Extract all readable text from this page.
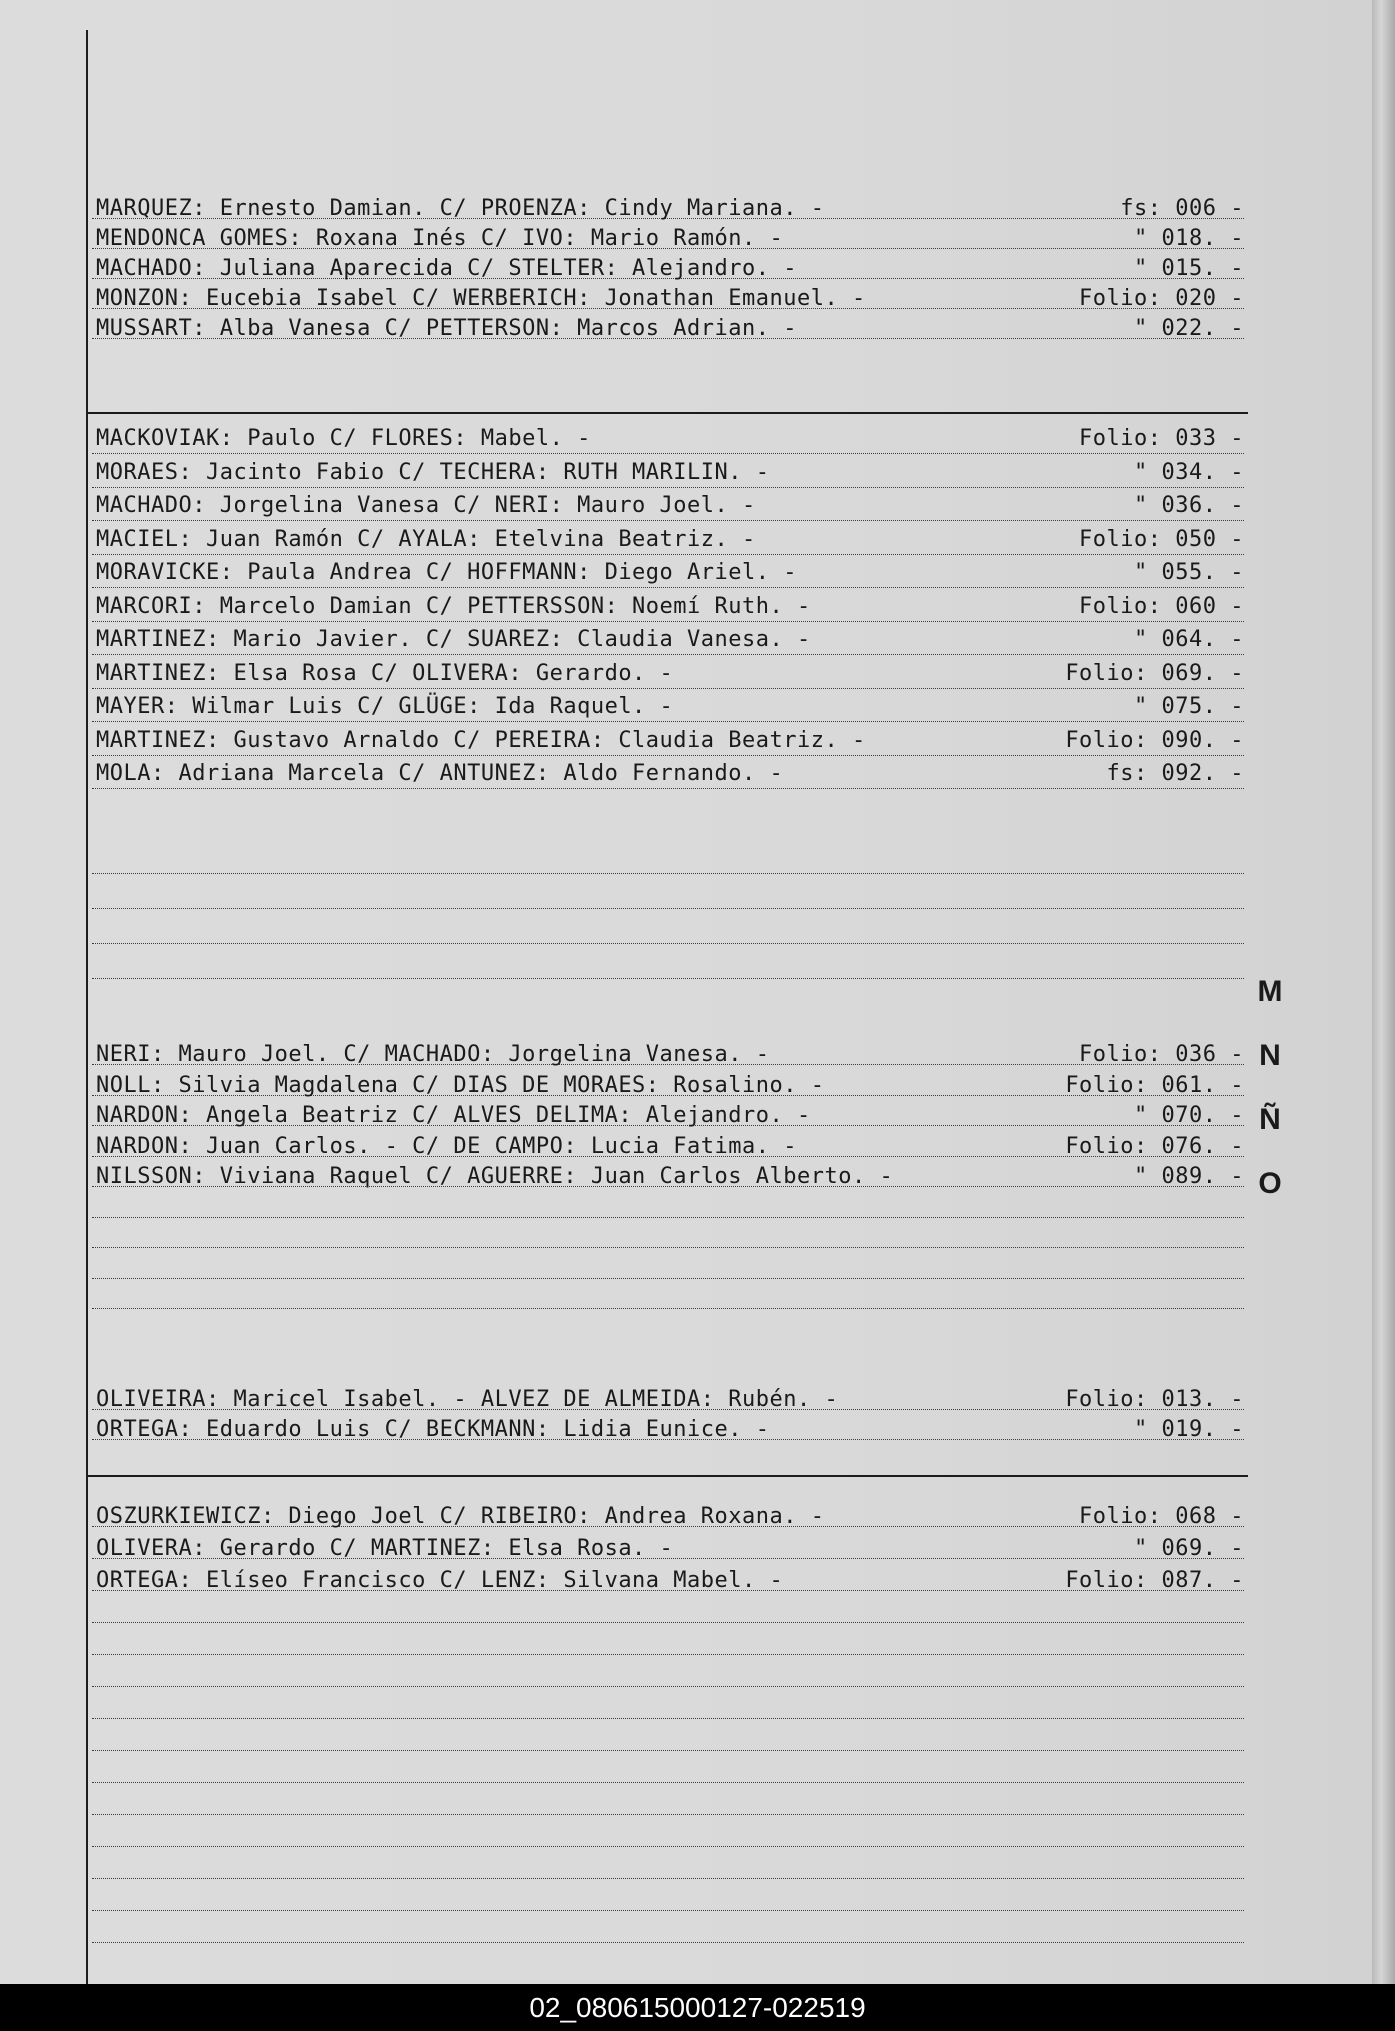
MARQUEZ: Ernesto Damian. C/ PROENZA: Cindy Mariana. -	fs: 006 -
MENDONCA GOMES: Roxana Inés C/ IVO: Mario Ramón. -	" 018. -
MACHADO: Juliana Aparecida C/ STELTER: Alejandro. -	" 015. -
MONZON: Eucebia Isabel C/ WERBERICH: Jonathan Emanuel. -	Folio: 020 -
MUSSART: Alba Vanesa C/ PETTERSON: Marcos Adrian. -	" 022. -
MACKOVIAK: Paulo C/ FLORES: Mabel. -	Folio: 033 -
MORAES: Jacinto Fabio C/ TECHERA: RUTH MARILIN. -	" 034. -
MACHADO: Jorgelina Vanesa C/ NERI: Mauro Joel. -	" 036. -
MACIEL: Juan Ramón C/ AYALA: Etelvina Beatriz. -	Folio: 050 -
MORAVICKE: Paula Andrea C/ HOFFMANN: Diego Ariel. -	" 055. -
MARCORI: Marcelo Damian C/ PETTERSSON: Noemí Ruth. -	Folio: 060 -
MARTINEZ: Mario Javier. C/ SUAREZ: Claudia Vanesa. -	" 064. -
MARTINEZ: Elsa Rosa C/ OLIVERA: Gerardo. -	Folio: 069. -
MAYER: Wilmar Luis C/ GLÜGE: Ida Raquel. -	" 075. -
MARTINEZ: Gustavo Arnaldo C/ PEREIRA: Claudia Beatriz. -	Folio: 090. -
MOLA: Adriana Marcela C/ ANTUNEZ: Aldo Fernando. -	fs: 092. -
NERI: Mauro Joel. C/ MACHADO: Jorgelina Vanesa. -	Folio: 036 -
NOLL: Silvia Magdalena C/ DIAS DE MORAES: Rosalino. -	Folio: 061. -
NARDON: Angela Beatriz C/ ALVES DELIMA: Alejandro. -	" 070. -
NARDON: Juan Carlos. - C/ DE CAMPO: Lucia Fatima. -	Folio: 076. -
NILSSON: Viviana Raquel C/ AGUERRE: Juan Carlos Alberto. -	" 089. -
OLIVEIRA: Maricel Isabel. - ALVEZ DE ALMEIDA: Rubén. -	Folio: 013. -
ORTEGA: Eduardo Luis C/ BECKMANN: Lidia Eunice. -	" 019. -
OSZURKIEWICZ: Diego Joel C/ RIBEIRO: Andrea Roxana. -	Folio: 068 -
OLIVERA: Gerardo C/ MARTINEZ: Elsa Rosa. -	" 069. -
ORTEGA: Elíseo Francisco C/ LENZ: Silvana Mabel. -	Folio: 087. -
M
N
Ñ
O
02_080615000127-022519
